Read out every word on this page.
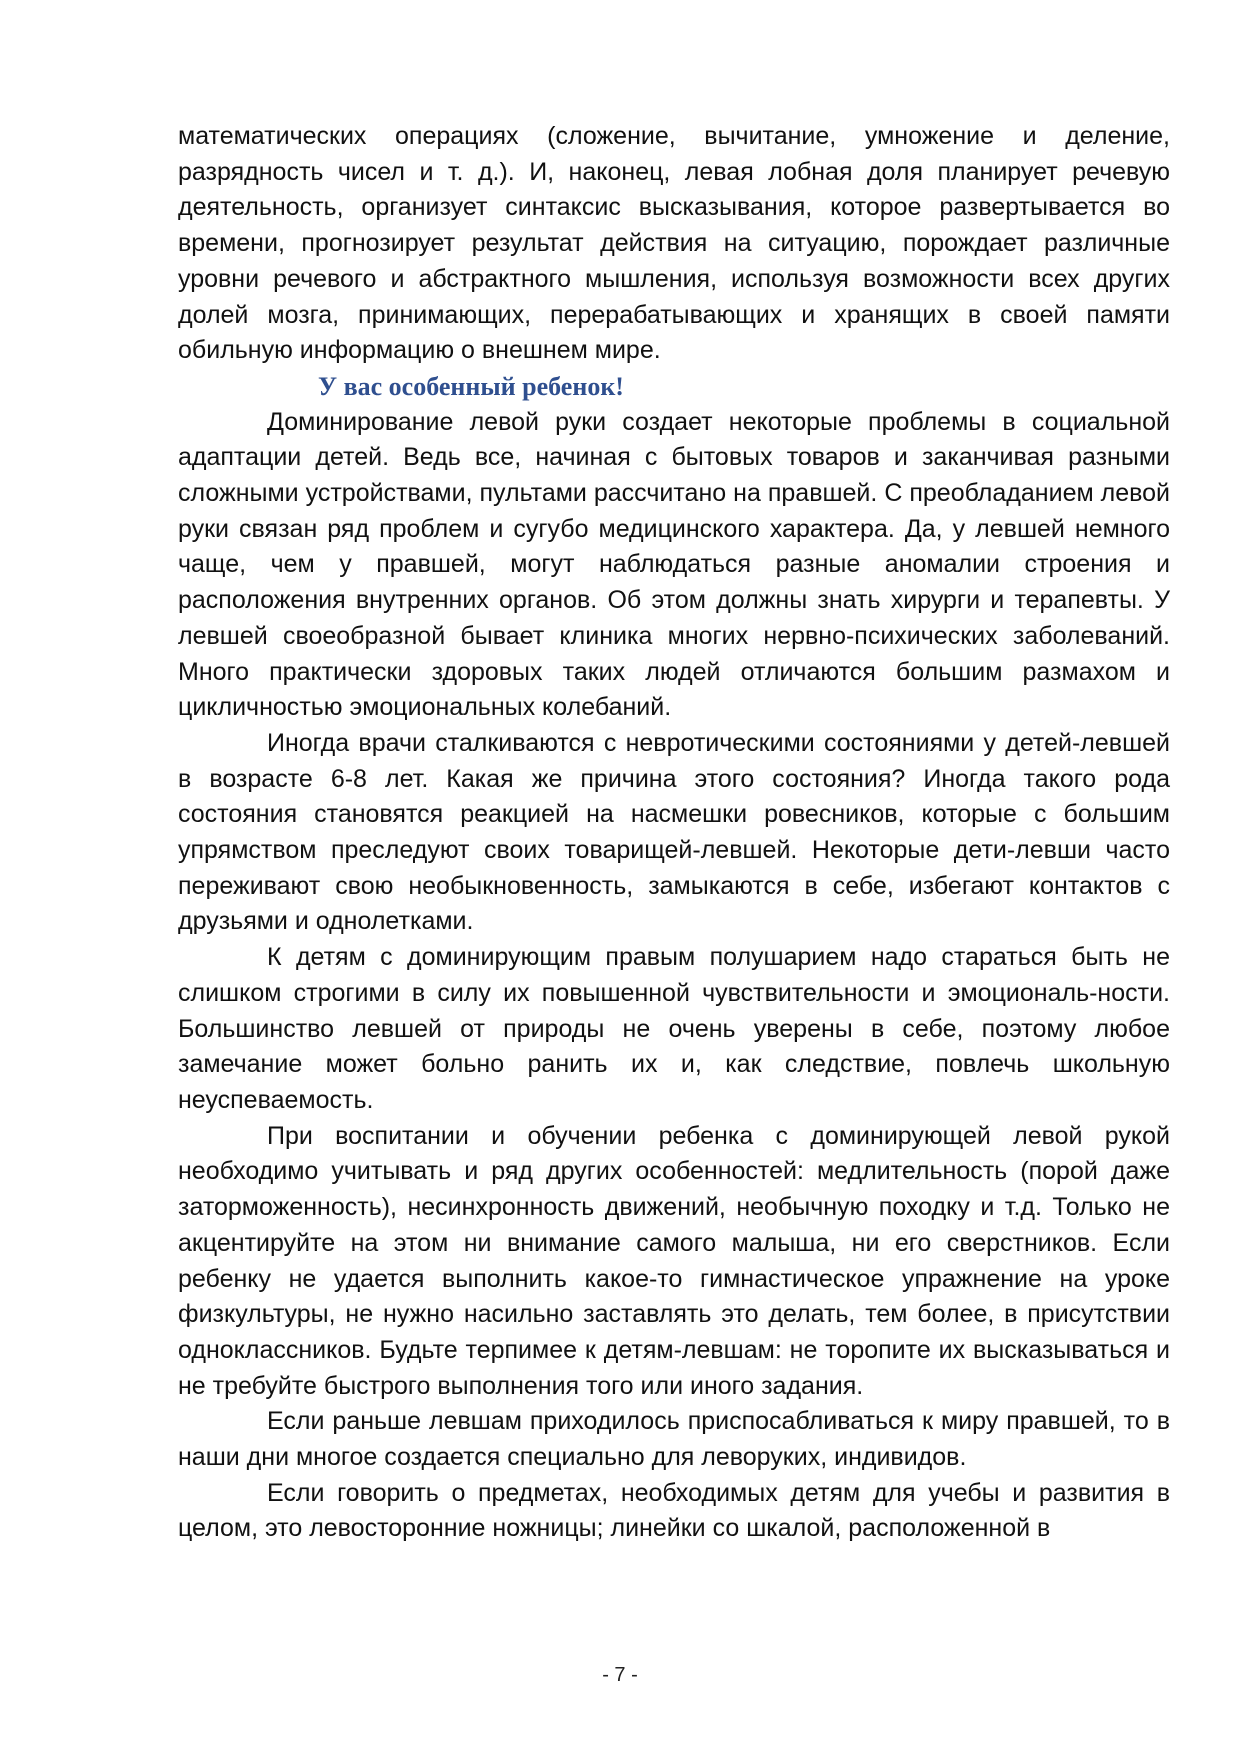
математических операциях (сложение, вычитание, умножение и деление, разрядность чисел и т. д.). И, наконец, левая лобная доля планирует речевую деятельность, организует синтаксис высказывания, которое развертывается во времени, прогнозирует результат действия на ситуацию, порождает различные уровни речевого и абстрактного мышления, используя возможности всех других долей мозга, принимающих, перерабатывающих и хранящих в своей памяти обильную информацию о внешнем мире.

У вас особенный ребенок!

Доминирование левой руки создает некоторые проблемы в социальной адаптации детей. Ведь все, начиная с бытовых товаров и заканчивая разными сложными устройствами, пультами рассчитано на правшей. С преобладанием левой руки связан ряд проблем и сугубо медицинского характера. Да, у левшей немного чаще, чем у правшей, могут наблюдаться разные аномалии строения и расположения внутренних органов. Об этом должны знать хирурги и терапевты. У левшей своеобразной бывает клиника многих нервно-психических заболеваний. Много практически здоровых таких людей отличаются большим размахом и цикличностью эмоциональных колебаний.

Иногда врачи сталкиваются с невротическими состояниями у детей-левшей в возрасте 6-8 лет. Какая же причина этого состояния? Иногда такого рода состояния становятся реакцией на насмешки ровесников, которые с большим упрямством преследуют своих товарищей-левшей. Некоторые дети-левши часто переживают свою необыкновенность, замыкаются в себе, избегают контактов с друзьями и однолетками.

К детям с доминирующим правым полушарием надо стараться быть не слишком строгими в силу их повышенной чувствительности и эмоциональ-ности. Большинство левшей от природы не очень уверены в себе, поэтому любое замечание может больно ранить их и, как следствие, повлечь школьную неуспеваемость.

При воспитании и обучении ребенка с доминирующей левой рукой необходимо учитывать и ряд других особенностей: медлительность (порой даже заторможенность), несинхронность движений, необычную походку и т.д. Только не акцентируйте на этом ни внимание самого малыша, ни его сверстников. Если ребенку не удается выполнить какое-то гимнастическое упражнение на уроке физкультуры, не нужно насильно заставлять это делать, тем более, в присутствии одноклассников. Будьте терпимее к детям-левшам: не торопите их высказываться и не требуйте быстрого выполнения того или иного задания.

Если раньше левшам приходилось приспосабливаться к миру правшей, то в наши дни многое создается специально для леворуких, индивидов.

Если говорить о предметах, необходимых детям для учебы и развития в целом, это левосторонние ножницы; линейки со шкалой, расположенной в

- 7 -
